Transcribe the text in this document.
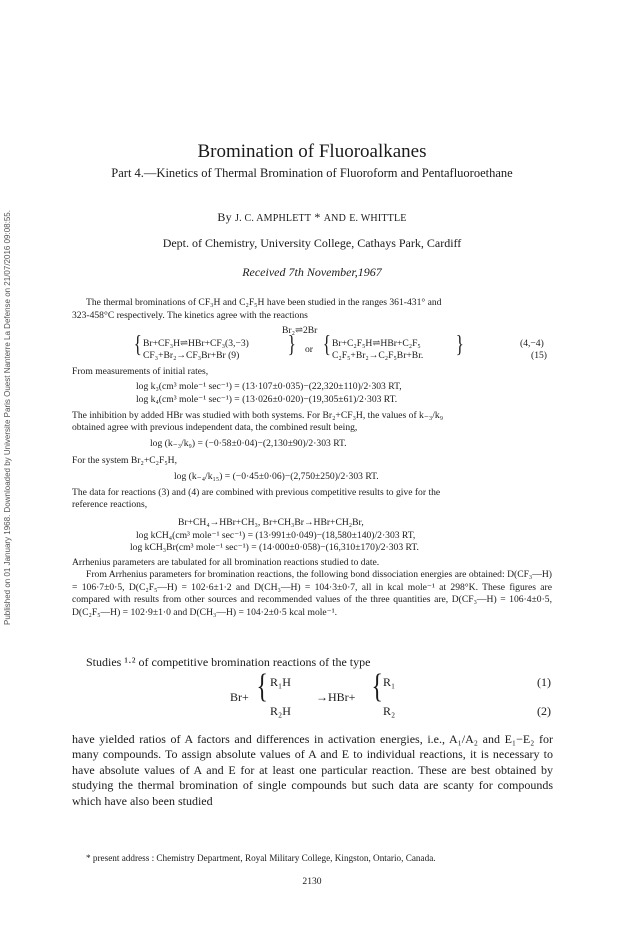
Published on 01 January 1968. Downloaded by Universite Paris Ouest Nanterre La Defense on 21/07/2016 09:08:55.
Bromination of Fluoroalkanes
Part 4.—Kinetics of Thermal Bromination of Fluoroform and Pentafluoroethane
By J. C. AMPHLETT * AND E. WHITTLE
Dept. of Chemistry, University College, Cathays Park, Cardiff
Received 7th November,1967
The thermal brominations of CF₃H and C₂F₅H have been studied in the ranges 361-431° and
323-458°C respectively. The kinetics agree with the reactions
Br₂⇌2Br
{ Br+CF₃H⇌HBr+CF₃(3,−3)
CF₃+Br₂→CF₃Br+Br (9) } or { Br+C₂F₅H⇌HBr+C₂F₅
C₂F₅+Br₂→C₂F₅Br+Br. }	(4,−4)
(15)
From measurements of initial rates,
log k₃(cm³ mole⁻¹ sec⁻¹) = (13·107±0·035)−(22,320±110)/2·303 RT,
log k₄(cm³ mole⁻¹ sec⁻¹) = (13·026±0·020)−(19,305±61)/2·303 RT.
The inhibition by added HBr was studied with both systems. For Br₂+CF₃H, the values of k₋₃/k₉
obtained agree with previous independent data, the combined result being,
log (k₋₃/k₉) = (−0·58±0·04)−(2,130±90)/2·303 RT.
For the system Br₂+C₂F₅H,
log (k₋₄/k₁₅) = (−0·45±0·06)−(2,750±250)/2·303 RT.
The data for reactions (3) and (4) are combined with previous competitive results to give for the
reference reactions,
Br+CH₄→HBr+CH₃, Br+CH₃Br→HBr+CH₂Br,
log kCH₄(cm³ mole⁻¹ sec⁻¹) = (13·991±0·049)−(18,580±140)/2·303 RT,
log kCH₃Br(cm³ mole⁻¹ sec⁻¹) = (14·000±0·058)−(16,310±170)/2·303 RT.
Arrhenius parameters are tabulated for all bromination reactions studied to date.
From Arrhenius parameters for bromination reactions, the following bond dissociation energies are obtained: D(CF₃—H) = 106·7±0·5, D(C₂F₅—H) = 102·6±1·2 and D(CH₃—H) = 104·3±0·7, all in kcal mole⁻¹ at 298°K. These figures are compared with results from other sources and recommended values of the three quantities are, D(CF₃—H) = 106·4±0·5, D(C₂F₅—H) = 102·9±1·0 and D(CH₃—H) = 104·2±0·5 kcal mole⁻¹.
Studies ¹·² of competitive bromination reactions of the type
Br+ { R₁H
R₂H
→HBr+ { R₁
R₂
(1)
(2)
have yielded ratios of A factors and differences in activation energies, i.e., A₁/A₂ and E₁−E₂ for many compounds. To assign absolute values of A and E to individual reactions, it is necessary to have absolute values of A and E for at least one particular reaction. These are best obtained by studying the thermal bromination of single compounds but such data are scanty for compounds which have also been studied
* present address : Chemistry Department, Royal Military College, Kingston, Ontario, Canada.
2130
